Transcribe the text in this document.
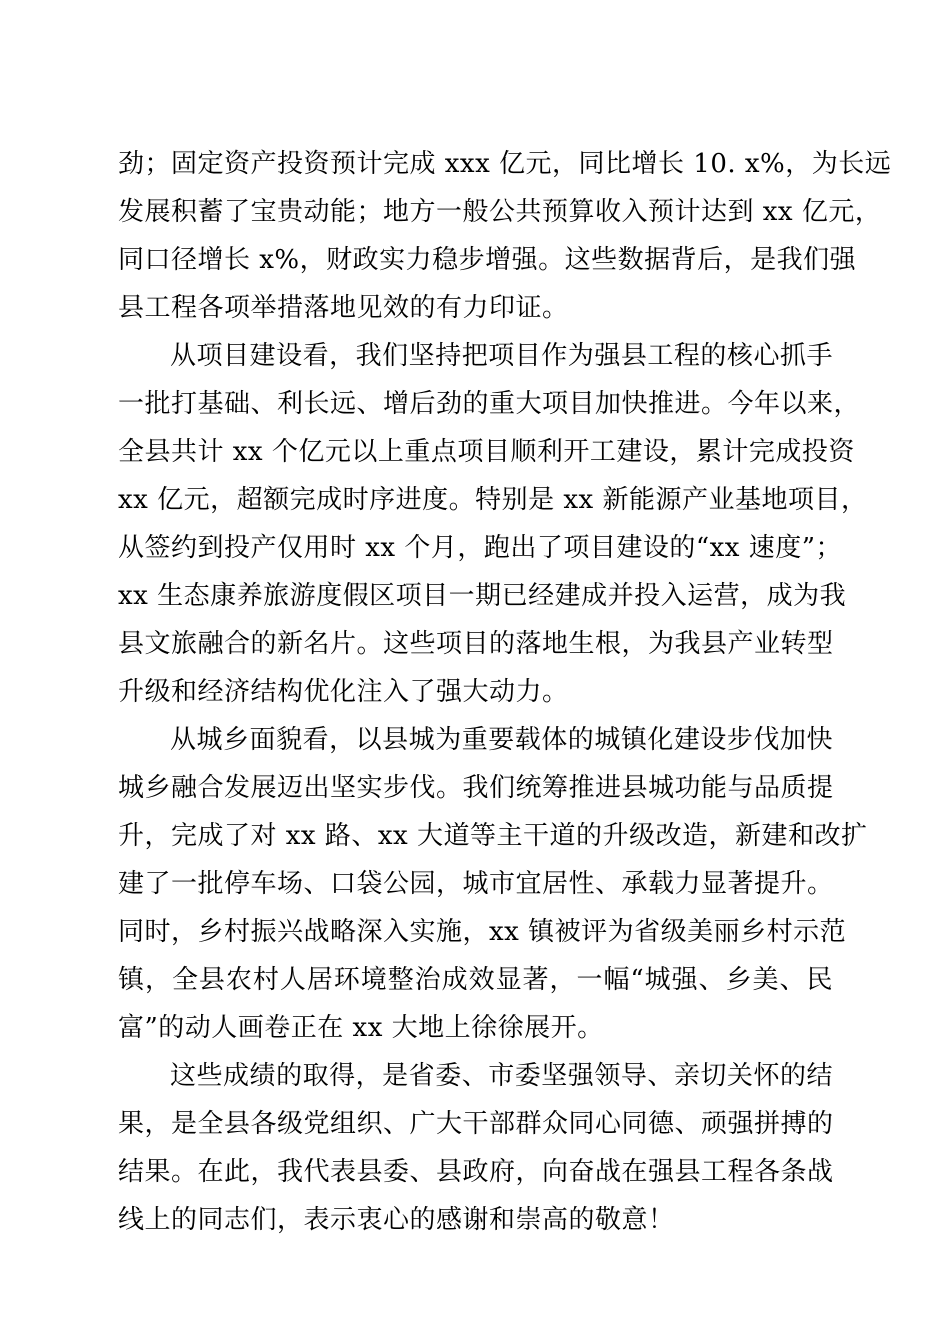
劲；固定资产投资预计完成 xxx 亿元，同比增长 10. x%，为长远
发展积蓄了宝贵动能；地方一般公共预算收入预计达到 xx 亿元，
同口径增长 x%，财政实力稳步增强。这些数据背后，是我们强
县工程各项举措落地见效的有力印证。
从项目建设看，我们坚持把项目作为强县工程的核心抓手
一批打基础、利长远、增后劲的重大项目加快推进。今年以来，
全县共计 xx 个亿元以上重点项目顺利开工建设，累计完成投资
xx 亿元，超额完成时序进度。特别是 xx 新能源产业基地项目，
从签约到投产仅用时 xx 个月，跑出了项目建设的“xx 速度”；
xx 生态康养旅游度假区项目一期已经建成并投入运营，成为我
县文旅融合的新名片。这些项目的落地生根，为我县产业转型
升级和经济结构优化注入了强大动力。
从城乡面貌看，以县城为重要载体的城镇化建设步伐加快
城乡融合发展迈出坚实步伐。我们统筹推进县城功能与品质提
升，完成了对 xx 路、xx 大道等主干道的升级改造，新建和改扩
建了一批停车场、口袋公园，城市宜居性、承载力显著提升。
同时，乡村振兴战略深入实施，xx 镇被评为省级美丽乡村示范
镇，全县农村人居环境整治成效显著，一幅“城强、乡美、民
富”的动人画卷正在 xx 大地上徐徐展开。
这些成绩的取得，是省委、市委坚强领导、亲切关怀的结
果，是全县各级党组织、广大干部群众同心同德、顽强拼搏的
结果。在此，我代表县委、县政府，向奋战在强县工程各条战
线上的同志们，表示衷心的感谢和崇高的敬意！
